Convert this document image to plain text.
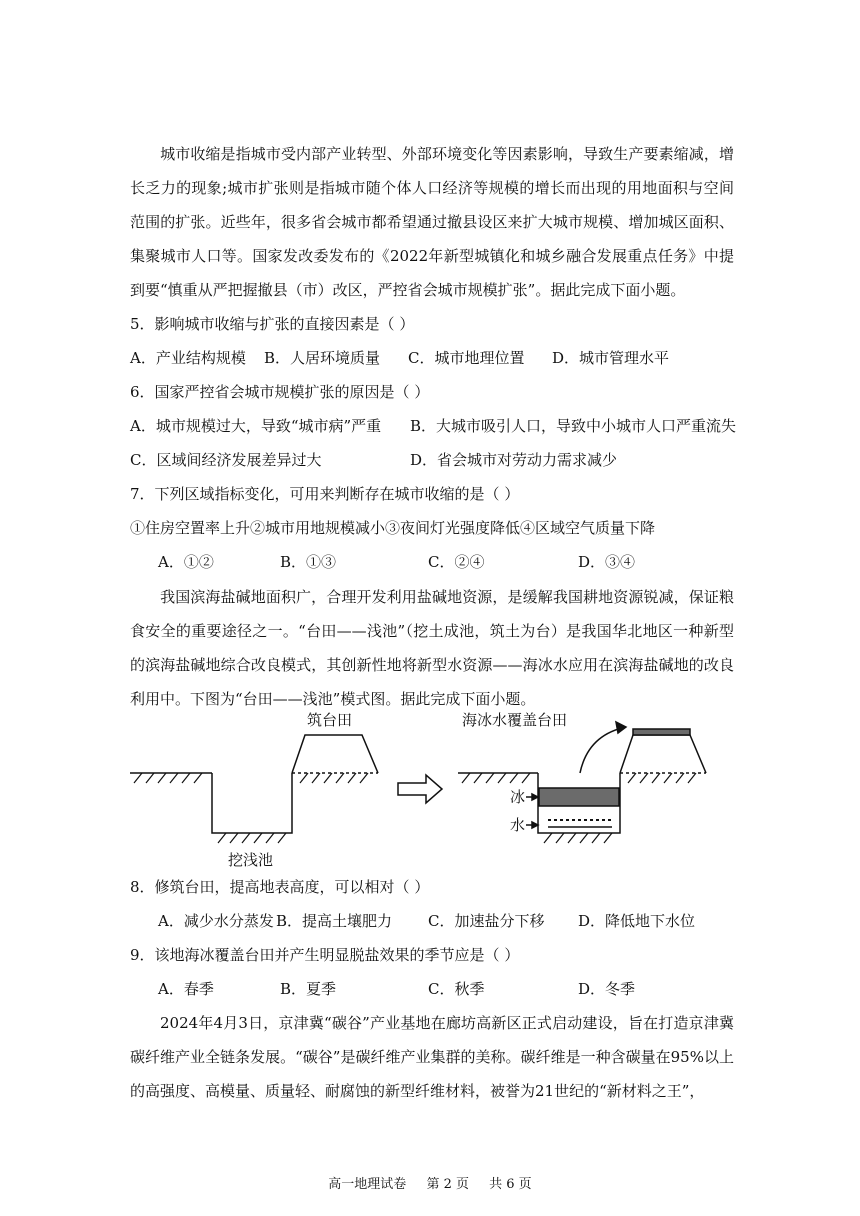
城市收缩是指城市受内部产业转型、外部环境变化等因素影响，导致生产要素缩减，增长乏力的现象;城市扩张则是指城市随个体人口经济等规模的增长而出现的用地面积与空间范围的扩张。近些年，很多省会城市都希望通过撤县设区来扩大城市规模、增加城区面积、集聚城市人口等。国家发改委发布的《2022年新型城镇化和城乡融合发展重点任务》中提到要“慎重从严把握撤县（市）改区，严控省会城市规模扩张”。据此完成下面小题。

5．影响城市收缩与扩张的直接因素是（ ）
A．产业结构规模 B．人居环境质量 C．城市地理位置 D．城市管理水平
6．国家严控省会城市规模扩张的原因是（ ）
A．城市规模过大，导致“城市病”严重 B．大城市吸引人口，导致中小城市人口严重流失
C．区域间经济发展差异过大	D．省会城市对劳动力需求减少
7．下列区域指标变化，可用来判断存在城市收缩的是（ ）
①住房空置率上升②城市用地规模减小③夜间灯光强度降低④区域空气质量下降
A．①②	B．①③	C．②④	D．③④

我国滨海盐碱地面积广，合理开发利用盐碱地资源，是缓解我国耕地资源锐减，保证粮食安全的重要途径之一。“台田——浅池”（挖土成池，筑土为台）是我国华北地区一种新型的滨海盐碱地综合改良模式，其创新性地将新型水资源——海冰水应用在滨海盐碱地的改良利用中。下图为“台田——浅池”模式图。据此完成下面小题。

筑台田
挖浅池
海冰水覆盖台田
冰
水
8．修筑台田，提高地表高度，可以相对（ ）
A．减少水分蒸发 B．提高土壤肥力 C．加速盐分下移 D．降低地下水位
9．该地海冰覆盖台田并产生明显脱盐效果的季节应是（ ）
A．春季	B．夏季	C．秋季	D．冬季

2024年4月3日，京津冀“碳谷”产业基地在廊坊高新区正式启动建设，旨在打造京津冀碳纤维产业全链条发展。“碳谷”是碳纤维产业集群的美称。碳纤维是一种含碳量在95%以上的高强度、高模量、质量轻、耐腐蚀的新型纤维材料，被誉为21世纪的“新材料之王”，

高一地理试卷 第 2 页 共 6 页
